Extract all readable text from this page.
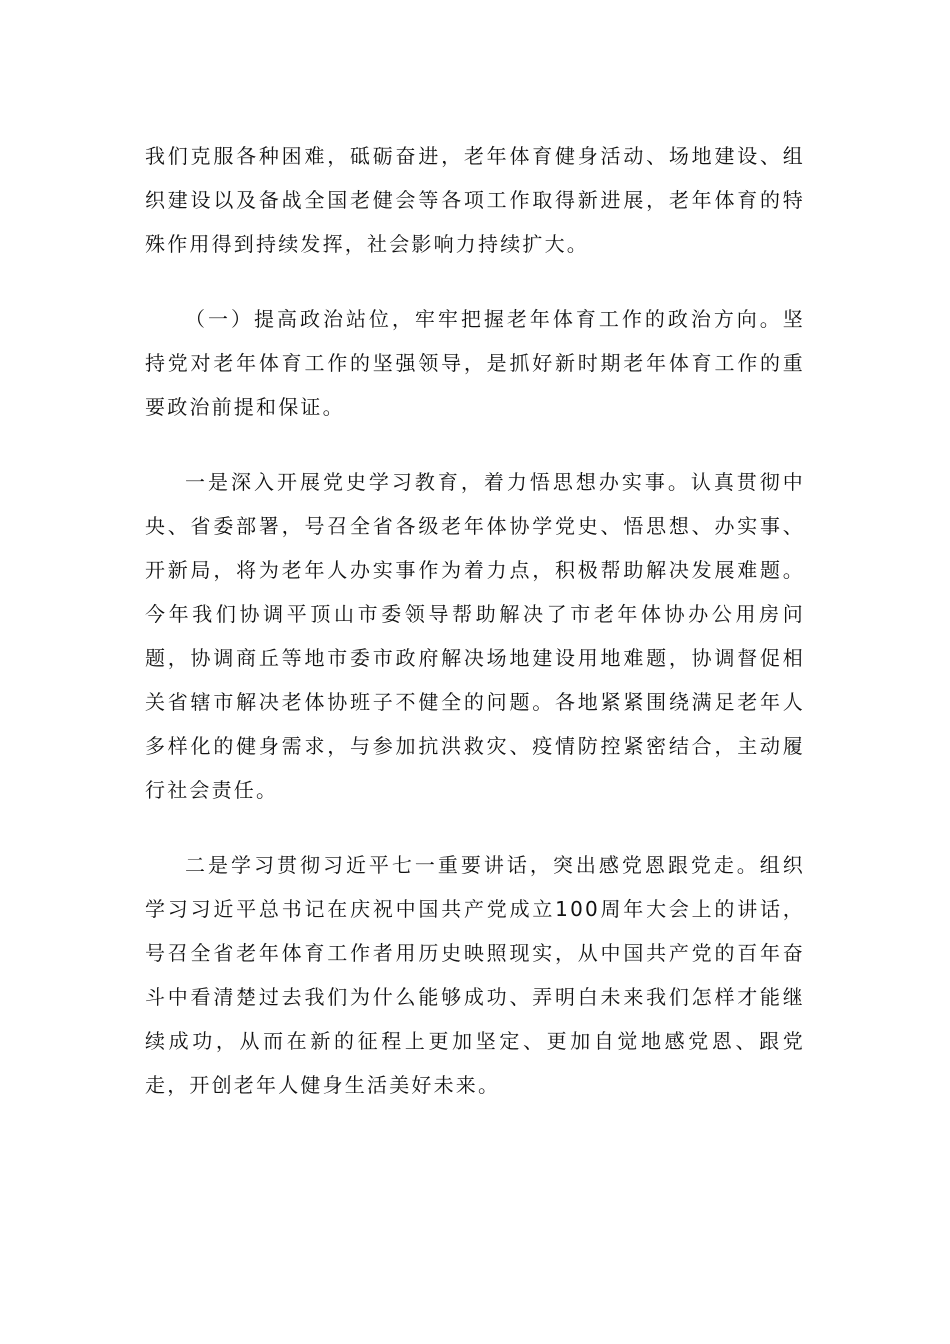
我们克服各种困难，砥砺奋进，老年体育健身活动、场地建设、组织建设以及备战全国老健会等各项工作取得新进展，老年体育的特殊作用得到持续发挥，社会影响力持续扩大。

（一）提高政治站位，牢牢把握老年体育工作的政治方向。坚持党对老年体育工作的坚强领导，是抓好新时期老年体育工作的重要政治前提和保证。

一是深入开展党史学习教育，着力悟思想办实事。认真贯彻中央、省委部署，号召全省各级老年体协学党史、悟思想、办实事、开新局，将为老年人办实事作为着力点，积极帮助解决发展难题。今年我们协调平顶山市委领导帮助解决了市老年体协办公用房问题，协调商丘等地市委市政府解决场地建设用地难题，协调督促相关省辖市解决老体协班子不健全的问题。各地紧紧围绕满足老年人多样化的健身需求，与参加抗洪救灾、疫情防控紧密结合，主动履行社会责任。

二是学习贯彻习近平七一重要讲话，突出感党恩跟党走。组织学习习近平总书记在庆祝中国共产党成立100周年大会上的讲话，号召全省老年体育工作者用历史映照现实，从中国共产党的百年奋斗中看清楚过去我们为什么能够成功、弄明白未来我们怎样才能继续成功，从而在新的征程上更加坚定、更加自觉地感党恩、跟党走，开创老年人健身生活美好未来。
